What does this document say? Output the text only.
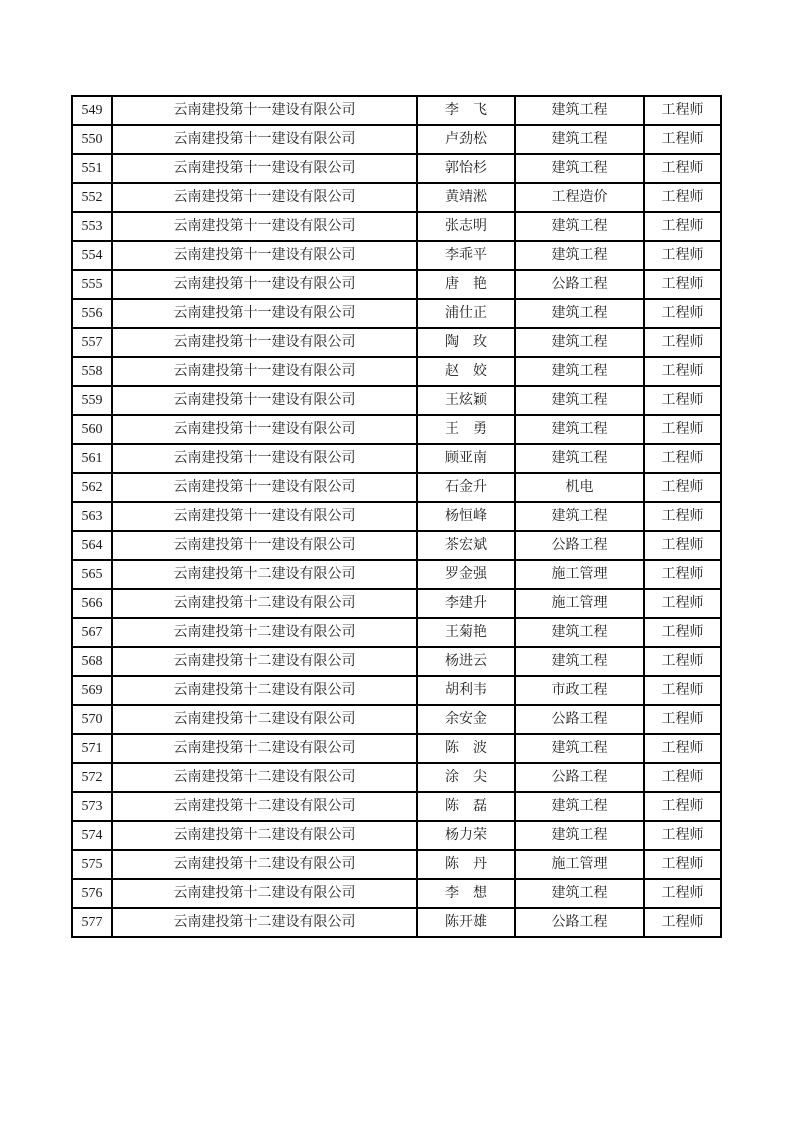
549	云南建投第十一建设有限公司	李　飞	建筑工程	工程师
550	云南建投第十一建设有限公司	卢劲松	建筑工程	工程师
551	云南建投第十一建设有限公司	郭怡杉	建筑工程	工程师
552	云南建投第十一建设有限公司	黄靖淞	工程造价	工程师
553	云南建投第十一建设有限公司	张志明	建筑工程	工程师
554	云南建投第十一建设有限公司	李乖平	建筑工程	工程师
555	云南建投第十一建设有限公司	唐　艳	公路工程	工程师
556	云南建投第十一建设有限公司	浦仕正	建筑工程	工程师
557	云南建投第十一建设有限公司	陶　玫	建筑工程	工程师
558	云南建投第十一建设有限公司	赵　姣	建筑工程	工程师
559	云南建投第十一建设有限公司	王炫颖	建筑工程	工程师
560	云南建投第十一建设有限公司	王　勇	建筑工程	工程师
561	云南建投第十一建设有限公司	顾亚南	建筑工程	工程师
562	云南建投第十一建设有限公司	石金升	机电	工程师
563	云南建投第十一建设有限公司	杨恒峰	建筑工程	工程师
564	云南建投第十一建设有限公司	茶宏斌	公路工程	工程师
565	云南建投第十二建设有限公司	罗金强	施工管理	工程师
566	云南建投第十二建设有限公司	李建升	施工管理	工程师
567	云南建投第十二建设有限公司	王菊艳	建筑工程	工程师
568	云南建投第十二建设有限公司	杨进云	建筑工程	工程师
569	云南建投第十二建设有限公司	胡利韦	市政工程	工程师
570	云南建投第十二建设有限公司	余安金	公路工程	工程师
571	云南建投第十二建设有限公司	陈　波	建筑工程	工程师
572	云南建投第十二建设有限公司	涂　尖	公路工程	工程师
573	云南建投第十二建设有限公司	陈　磊	建筑工程	工程师
574	云南建投第十二建设有限公司	杨力荣	建筑工程	工程师
575	云南建投第十二建设有限公司	陈　丹	施工管理	工程师
576	云南建投第十二建设有限公司	李　想	建筑工程	工程师
577	云南建投第十二建设有限公司	陈开雄	公路工程	工程师
